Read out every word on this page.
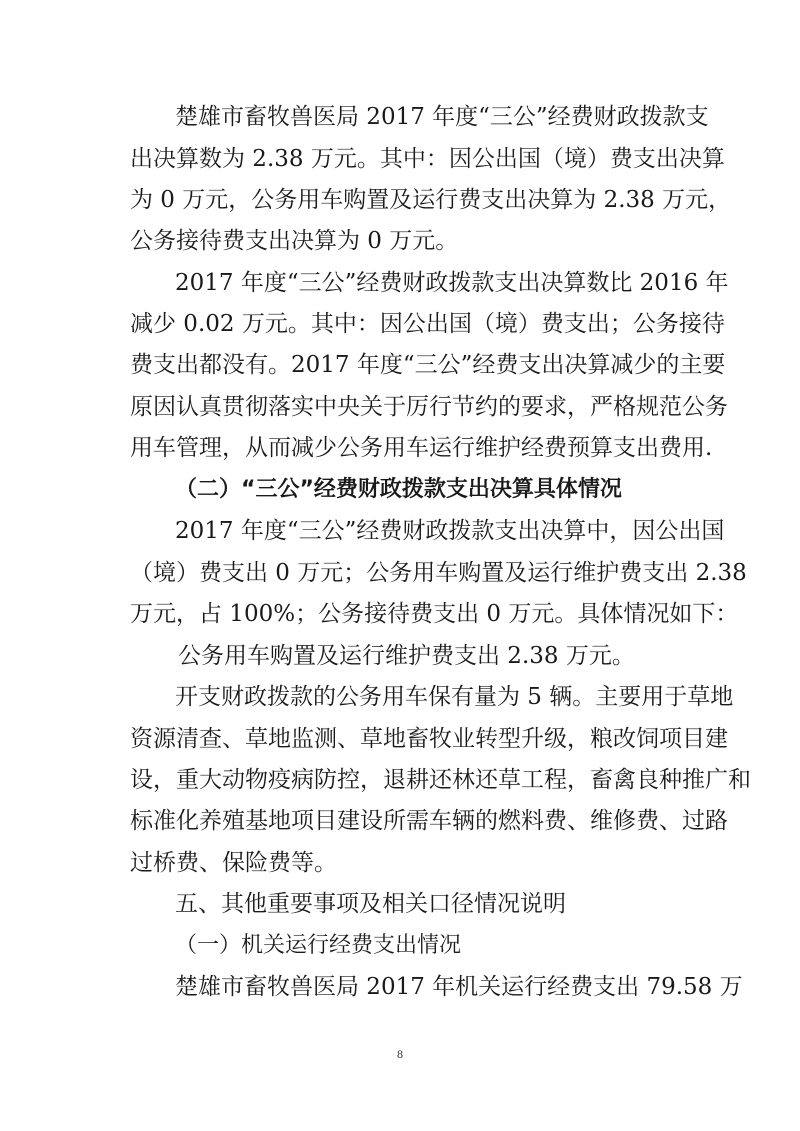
楚雄市畜牧兽医局 2017 年度“三公”经费财政拨款支
出决算数为 2.38 万元。其中：因公出国（境）费支出决算
为 0 万元，公务用车购置及运行费支出决算为 2.38 万元，
公务接待费支出决算为 0 万元。
2017 年度“三公”经费财政拨款支出决算数比 2016 年
减少 0.02 万元。其中：因公出国（境）费支出；公务接待
费支出都没有。2017 年度“三公”经费支出决算减少的主要
原因认真贯彻落实中央关于厉行节约的要求，严格规范公务
用车管理，从而减少公务用车运行维护经费预算支出费用.
（二）“三公”经费财政拨款支出决算具体情况
2017 年度“三公”经费财政拨款支出决算中，因公出国
（境）费支出 0 万元；公务用车购置及运行维护费支出 2.38
万元，占 100%；公务接待费支出 0 万元。具体情况如下：
公务用车购置及运行维护费支出 2.38 万元。
开支财政拨款的公务用车保有量为 5 辆。主要用于草地
资源清查、草地监测、草地畜牧业转型升级，粮改饲项目建
设，重大动物疫病防控，退耕还林还草工程，畜禽良种推广和
标准化养殖基地项目建设所需车辆的燃料费、维修费、过路
过桥费、保险费等。
五、其他重要事项及相关口径情况说明
（一）机关运行经费支出情况
楚雄市畜牧兽医局 2017 年机关运行经费支出 79.58 万
8
